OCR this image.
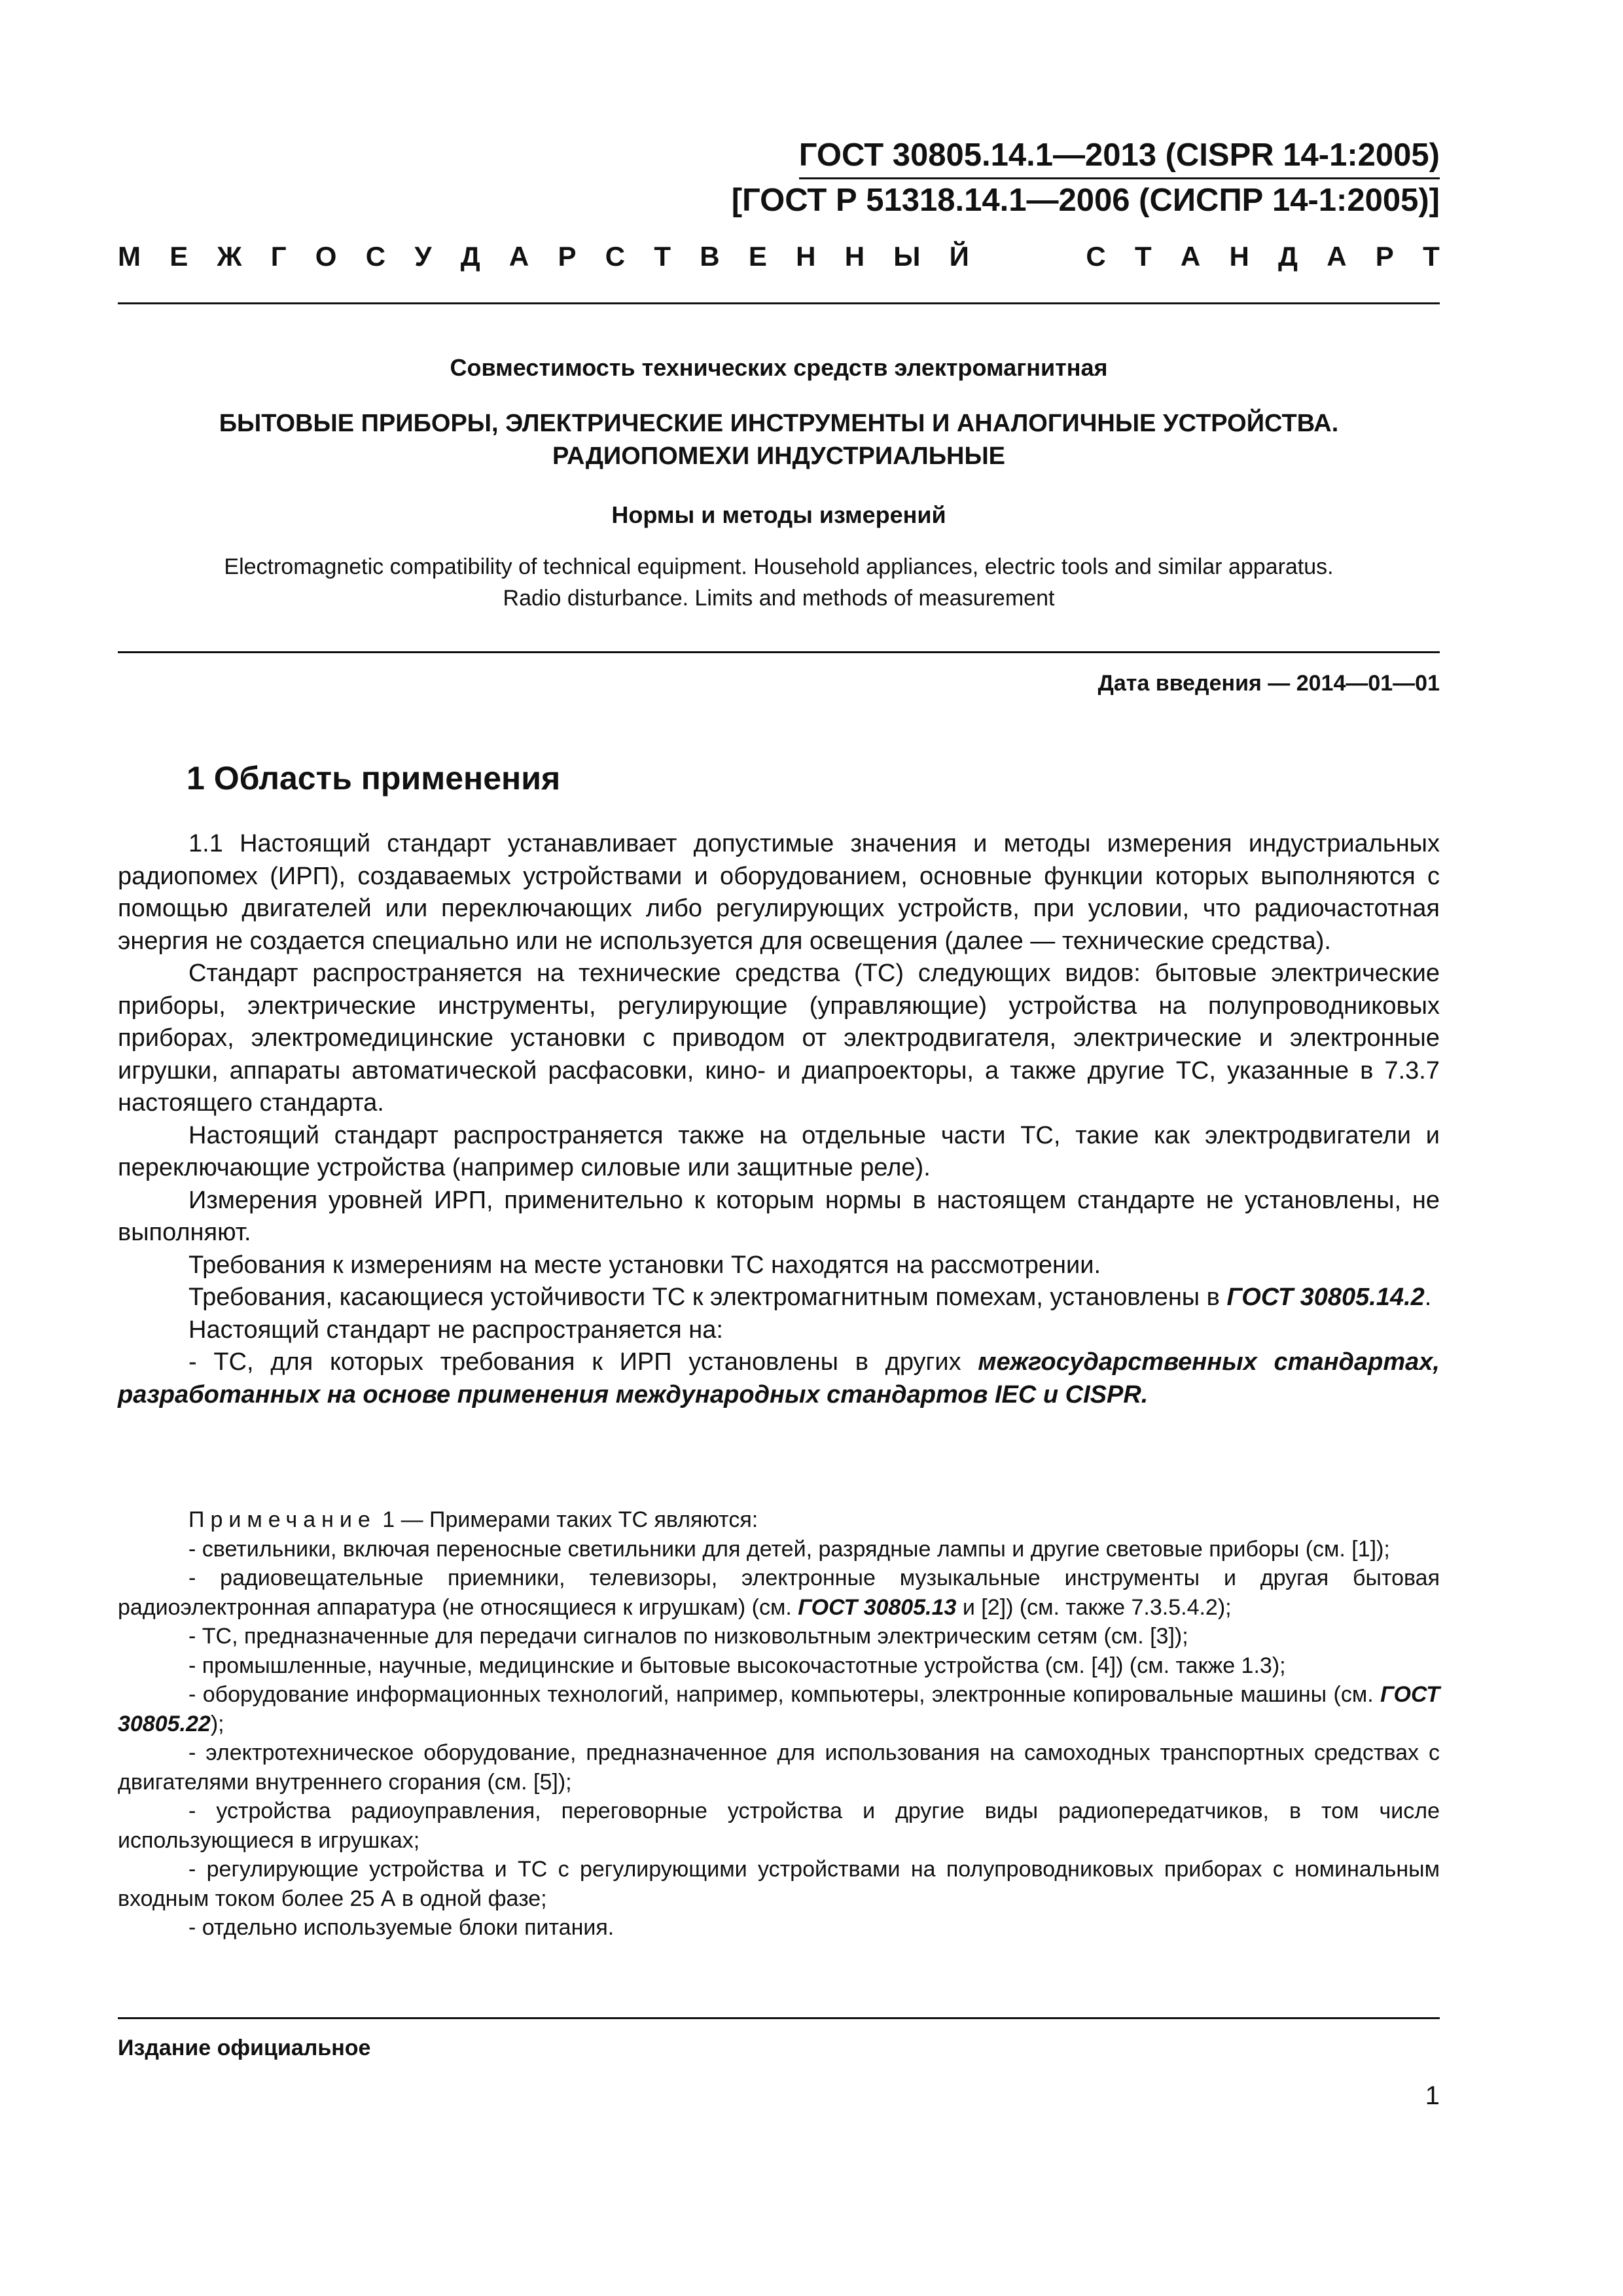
ГОСТ 30805.14.1—2013 (CISPR 14-1:2005)
[ГОСТ Р 51318.14.1—2006 (СИСПР 14-1:2005)]
М Е Ж Г О С У Д А Р С Т В Е Н Н Ы Й	С Т А Н Д А Р Т
Совместимость технических средств электромагнитная
БЫТОВЫЕ ПРИБОРЫ, ЭЛЕКТРИЧЕСКИЕ ИНСТРУМЕНТЫ И АНАЛОГИЧНЫЕ УСТРОЙСТВА.
РАДИОПОМЕХИ ИНДУСТРИАЛЬНЫЕ
Нормы и методы измерений
Electromagnetic compatibility of technical equipment. Household appliances, electric tools and similar apparatus.
Radio disturbance. Limits and methods of measurement
Дата введения — 2014—01—01
1 Область применения

1.1 Настоящий стандарт устанавливает допустимые значения и методы измерения индустриальных радиопомех (ИРП), создаваемых устройствами и оборудованием, основные функции которых выполняются с помощью двигателей или переключающих либо регулирующих устройств, при условии, что радиочастотная энергия не создается специально или не используется для освещения (далее — технические средства).

Стандарт распространяется на технические средства (ТС) следующих видов: бытовые электрические приборы, электрические инструменты, регулирующие (управляющие) устройства на полупроводниковых приборах, электромедицинские установки с приводом от электродвигателя, электрические и электронные игрушки, аппараты автоматической расфасовки, кино- и диапроекторы, а также другие ТС, указанные в 7.3.7 настоящего стандарта.

Настоящий стандарт распространяется также на отдельные части ТС, такие как электродвигатели и переключающие устройства (например силовые или защитные реле).

Измерения уровней ИРП, применительно к которым нормы в настоящем стандарте не установлены, не выполняют.

Требования к измерениям на месте установки ТС находятся на рассмотрении.

Требования, касающиеся устойчивости ТС к электромагнитным помехам, установлены в ГОСТ 30805.14.2.

Настоящий стандарт не распространяется на:

- ТС, для которых требования к ИРП установлены в других межгосударственных стандартах, разработанных на основе применения международных стандартов IEC и CISPR.

Примечание 1 — Примерами таких ТС являются:

- светильники, включая переносные светильники для детей, разрядные лампы и другие световые приборы (см. [1]);

- радиовещательные приемники, телевизоры, электронные музыкальные инструменты и другая бытовая радиоэлектронная аппаратура (не относящиеся к игрушкам) (см. ГОСТ 30805.13 и [2]) (см. также 7.3.5.4.2);

- ТС, предназначенные для передачи сигналов по низковольтным электрическим сетям (см. [3]);

- промышленные, научные, медицинские и бытовые высокочастотные устройства (см. [4]) (см. также 1.3);

- оборудование информационных технологий, например, компьютеры, электронные копировальные машины (см. ГОСТ 30805.22);

- электротехническое оборудование, предназначенное для использования на самоходных транспортных средствах с двигателями внутреннего сгорания (см. [5]);

- устройства радиоуправления, переговорные устройства и другие виды радиопередатчиков, в том числе использующиеся в игрушках;

- регулирующие устройства и ТС с регулирующими устройствами на полупроводниковых приборах с номинальным входным током более 25 А в одной фазе;

- отдельно используемые блоки питания.

Издание официальное
1
